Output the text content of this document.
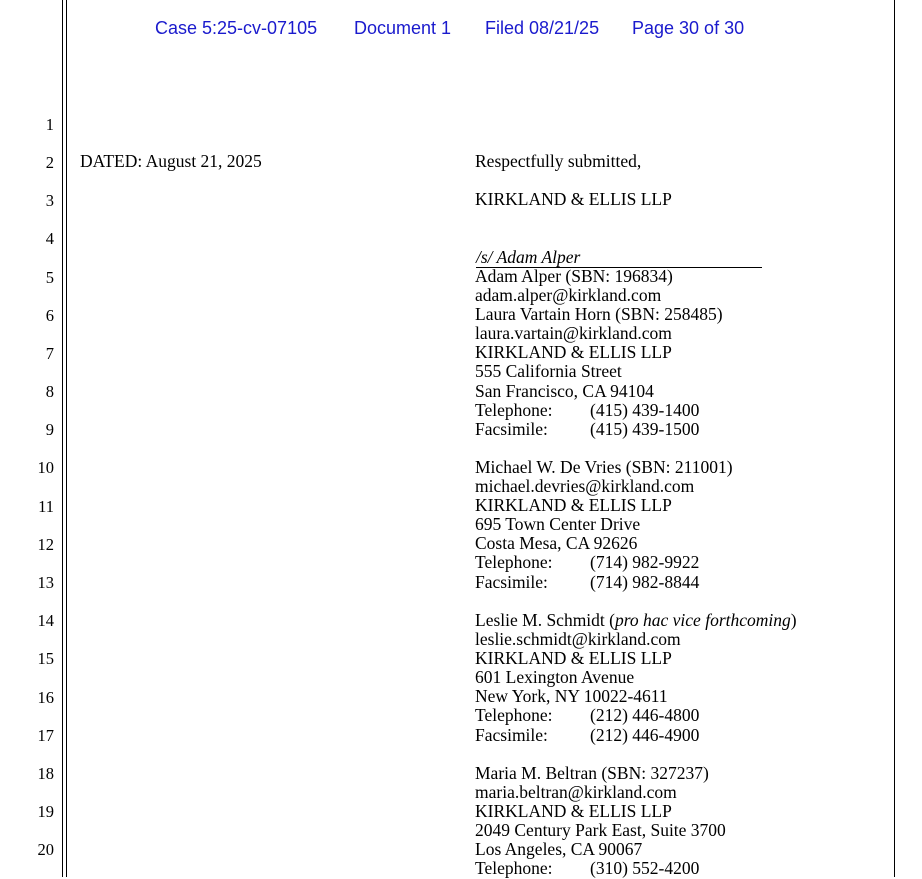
Case 5:25-cv-07105 Document 1 Filed 08/21/25 Page 30 of 30
1
2
3
4
5
6
7
8
9
10
11
12
13
14
15
16
17
18
19
20
DATED: August 21, 2025	Respectfully submitted,
KIRKLAND & ELLIS LLP
/s/ Adam Alper
Adam Alper (SBN: 196834)
adam.alper@kirkland.com
Laura Vartain Horn (SBN: 258485)
laura.vartain@kirkland.com
KIRKLAND & ELLIS LLP
555 California Street
San Francisco, CA 94104
Telephone: (415) 439-1400
Facsimile: (415) 439-1500
Michael W. De Vries (SBN: 211001)
michael.devries@kirkland.com
KIRKLAND & ELLIS LLP
695 Town Center Drive
Costa Mesa, CA 92626
Telephone: (714) 982-9922
Facsimile: (714) 982-8844
Leslie M. Schmidt (pro hac vice forthcoming)
leslie.schmidt@kirkland.com
KIRKLAND & ELLIS LLP
601 Lexington Avenue
New York, NY 10022-4611
Telephone: (212) 446-4800
Facsimile: (212) 446-4900
Maria M. Beltran (SBN: 327237)
maria.beltran@kirkland.com
KIRKLAND & ELLIS LLP
2049 Century Park East, Suite 3700
Los Angeles, CA 90067
Telephone: (310) 552-4200
